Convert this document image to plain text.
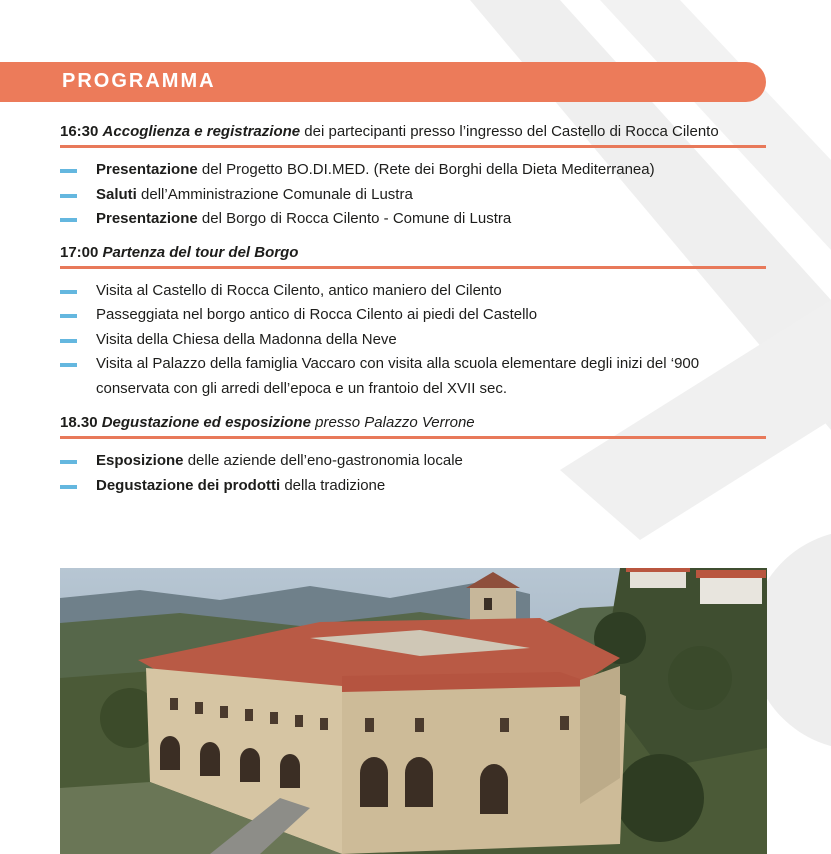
PROGRAMMA
16:30 Accoglienza e registrazione dei partecipanti presso l’ingresso del Castello di Rocca Cilento
Presentazione del Progetto BO.DI.MED. (Rete dei Borghi della Dieta Mediterranea)
Saluti dell’Amministrazione Comunale di Lustra
Presentazione del Borgo di Rocca Cilento - Comune di Lustra
17:00 Partenza del tour del Borgo
Visita al Castello di Rocca Cilento, antico maniero del Cilento
Passeggiata nel borgo antico di Rocca Cilento ai piedi del Castello
Visita della Chiesa della Madonna della Neve
Visita al Palazzo della famiglia Vaccaro con visita alla scuola elementare degli inizi del ‘900 conservata con gli arredi dell’epoca e un frantoio del XVII sec.
18.30 Degustazione ed esposizione presso Palazzo Verrone
Esposizione delle aziende dell’eno-gastronomia locale
Degustazione dei prodotti della tradizione
